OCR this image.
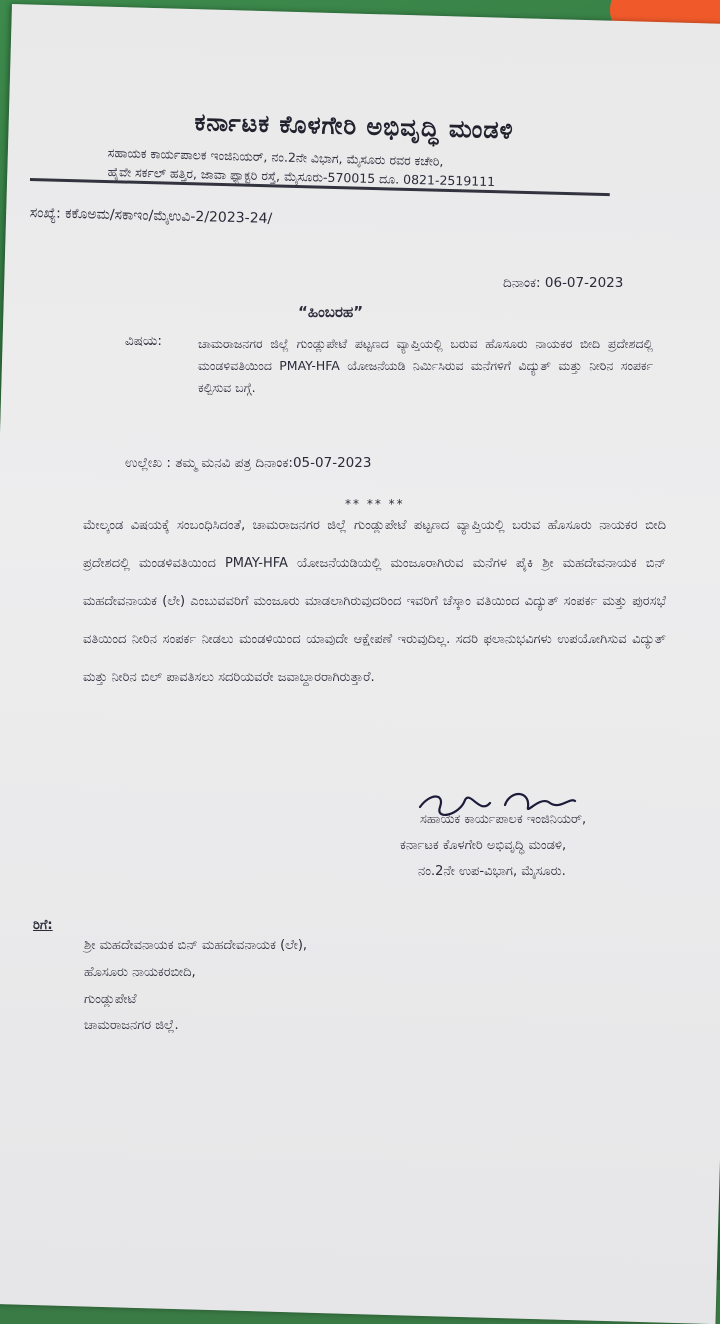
ಕರ್ನಾಟಕ ಕೊಳಗೇರಿ ಅಭಿವೃದ್ಧಿ ಮಂಡಳಿ
ಸಹಾಯಕ ಕಾರ್ಯಪಾಲಕ ಇಂಜಿನಿಯರ್, ನಂ.2ನೇ ವಿಭಾಗ, ಮೈಸೂರು ರವರ ಕಚೇರಿ,
ಹೈವೇ ಸರ್ಕಲ್ ಹತ್ತಿರ, ಜಾವಾ ಫ್ಯಾಕ್ಟರಿ ರಸ್ತೆ, ಮೈಸೂರು-570015 ದೂ. 0821-2519111
ಸಂಖ್ಯೆ: ಕಕೊಅಮ/ಸಕಾಇಂ/ಮೈಉವಿ-2/2023-24/
ದಿನಾಂಕ: 06-07-2023
“ಹಿಂಬರಹ”
ವಿಷಯ:	ಚಾಮರಾಜನಗರ ಜಿಲ್ಲೆ ಗುಂಡ್ಲುಪೇಟೆ ಪಟ್ಟಣದ ವ್ಯಾಪ್ತಿಯಲ್ಲಿ ಬರುವ ಹೊಸೂರು ನಾಯಕರ ಬೀದಿ ಪ್ರದೇಶದಲ್ಲಿ ಮಂಡಳಿವತಿಯಿಂದ PMAY-HFA ಯೋಜನೆಯಡಿ ನಿರ್ಮಿಸಿರುವ ಮನೆಗಳಿಗೆ ವಿದ್ಯುತ್ ಮತ್ತು ನೀರಿನ ಸಂಪರ್ಕ ಕಲ್ಪಿಸುವ ಬಗ್ಗೆ.
ಉಲ್ಲೇಖ : ತಮ್ಮ ಮನವಿ ಪತ್ರ ದಿನಾಂಕ:05-07-2023
** ** **
ಮೇಲ್ಕಂಡ ವಿಷಯಕ್ಕೆ ಸಂಬಂಧಿಸಿದಂತೆ, ಚಾಮರಾಜನಗರ ಜಿಲ್ಲೆ ಗುಂಡ್ಲುಪೇಟೆ ಪಟ್ಟಣದ ವ್ಯಾಪ್ತಿಯಲ್ಲಿ ಬರುವ ಹೊಸೂರು ನಾಯಕರ ಬೀದಿ ಪ್ರದೇಶದಲ್ಲಿ ಮಂಡಳಿವತಿಯಿಂದ PMAY-HFA ಯೋಜನೆಯಡಿಯಲ್ಲಿ ಮಂಜೂರಾಗಿರುವ ಮನೆಗಳ ಪೈಕಿ ಶ್ರೀ ಮಹದೇವನಾಯಕ ಬಿನ್ ಮಹದೇವನಾಯಕ (ಲೇ) ಎಂಬುವವರಿಗೆ ಮಂಜೂರು ಮಾಡಲಾಗಿರುವುದರಿಂದ ಇವರಿಗೆ ಚೆಸ್ಕಾಂ ವತಿಯಿಂದ ವಿದ್ಯುತ್ ಸಂಪರ್ಕ ಮತ್ತು ಪುರಸಭೆ ವತಿಯಿಂದ ನೀರಿನ ಸಂಪರ್ಕ ನೀಡಲು ಮಂಡಳಿಯಿಂದ ಯಾವುದೇ ಆಕ್ಷೇಪಣೆ ಇರುವುದಿಲ್ಲ. ಸದರಿ ಫಲಾನುಭವಿಗಳು ಉಪಯೋಗಿಸುವ ವಿದ್ಯುತ್ ಮತ್ತು ನೀರಿನ ಬಿಲ್ ಪಾವತಿಸಲು ಸದರಿಯವರೇ ಜವಾಬ್ದಾರರಾಗಿರುತ್ತಾರೆ.
ಸಹಾಯಕ ಕಾರ್ಯಪಾಲಕ ಇಂಜಿನಿಯರ್,
ಕರ್ನಾಟಕ ಕೊಳಗೇರಿ ಅಭಿವೃದ್ಧಿ ಮಂಡಳಿ,
ನಂ.2ನೇ ಉಪ-ವಿಭಾಗ, ಮೈಸೂರು.
ರಿಗೆ:
ಶ್ರೀ ಮಹದೇವನಾಯಕ ಬಿನ್ ಮಹದೇವನಾಯಕ (ಲೇ),
ಹೊಸೂರು ನಾಯಕರಬೀದಿ,
ಗುಂಡ್ಲುಪೇಟೆ
ಚಾಮರಾಜನಗರ ಜಿಲ್ಲೆ.
